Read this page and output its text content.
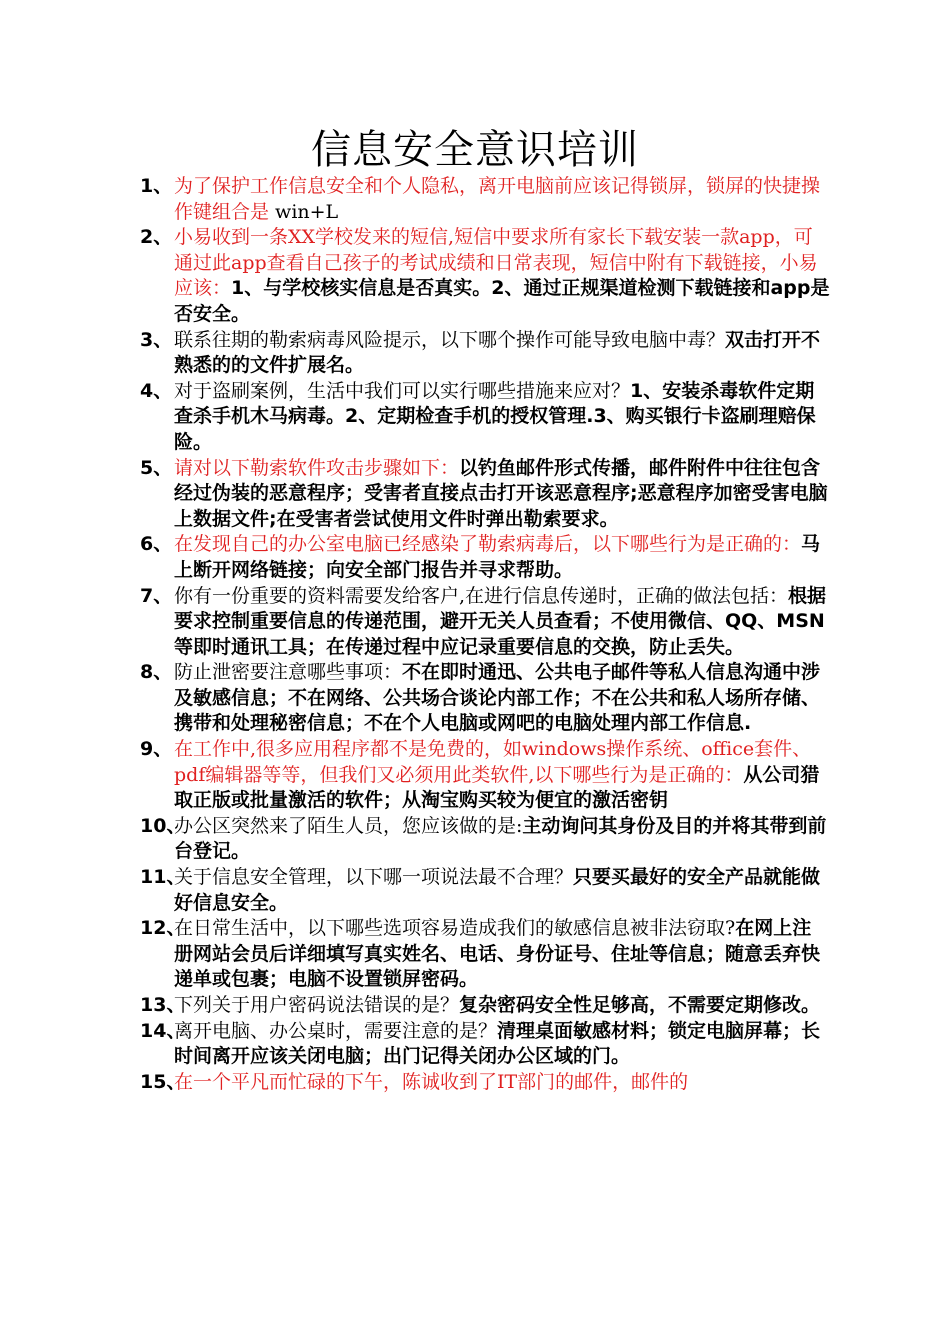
信息安全意识培训
1、 为了保护工作信息安全和个人隐私，离开电脑前应该记得锁屏，锁屏的快捷操作键组合是 win+L
2、 小易收到一条XX学校发来的短信,短信中要求所有家长下载安装一款app，可通过此app查看自己孩子的考试成绩和日常表现，短信中附有下载链接，小易应该：1、与学校核实信息是否真实。2、通过正规渠道检测下载链接和app是否安全。
3、 联系往期的勒索病毒风险提示，以下哪个操作可能导致电脑中毒？双击打开不熟悉的的文件扩展名。
4、 对于盗刷案例，生活中我们可以实行哪些措施来应对？1、安装杀毒软件定期查杀手机木马病毒。2、定期检查手机的授权管理.3、购买银行卡盗刷理赔保险。
5、 请对以下勒索软件攻击步骤如下：以钓鱼邮件形式传播，邮件附件中往往包含经过伪装的恶意程序；受害者直接点击打开该恶意程序;恶意程序加密受害电脑上数据文件;在受害者尝试使用文件时弹出勒索要求。
6、 在发现自己的办公室电脑已经感染了勒索病毒后，以下哪些行为是正确的：马上断开网络链接；向安全部门报告并寻求帮助。
7、 你有一份重要的资料需要发给客户,在进行信息传递时，正确的做法包括：根据要求控制重要信息的传递范围，避开无关人员查看；不使用微信、QQ、MSN等即时通讯工具；在传递过程中应记录重要信息的交换，防止丢失。
8、 防止泄密要注意哪些事项：不在即时通迅、公共电子邮件等私人信息沟通中涉及敏感信息；不在网络、公共场合谈论内部工作；不在公共和私人场所存储、携带和处理秘密信息；不在个人电脑或网吧的电脑处理内部工作信息.
9、 在工作中,很多应用程序都不是免费的，如windows操作系统、office套件、pdf编辑器等等，但我们又必须用此类软件,以下哪些行为是正确的：从公司猎取正版或批量激活的软件；从淘宝购买较为便宜的激活密钥
10、
办公区突然来了陌生人员，您应该做的是:主动询问其身份及目的并将其带到前台登记。
11、
关于信息安全管理，以下哪一项说法最不合理？只要买最好的安全产品就能做好信息安全。
12、
在日常生活中，以下哪些选项容易造成我们的敏感信息被非法窃取?在网上注册网站会员后详细填写真实姓名、电话、身份证号、住址等信息；随意丢弃快递单或包裹；电脑不设置锁屏密码。
13、
下列关于用户密码说法错误的是？复杂密码安全性足够高，不需要定期修改。
14、
离开电脑、办公桌时，需要注意的是？清理桌面敏感材料；锁定电脑屏幕；长时间离开应该关闭电脑；出门记得关闭办公区域的门。
15、
在一个平凡而忙碌的下午，陈诚收到了IT部门的邮件，邮件的
